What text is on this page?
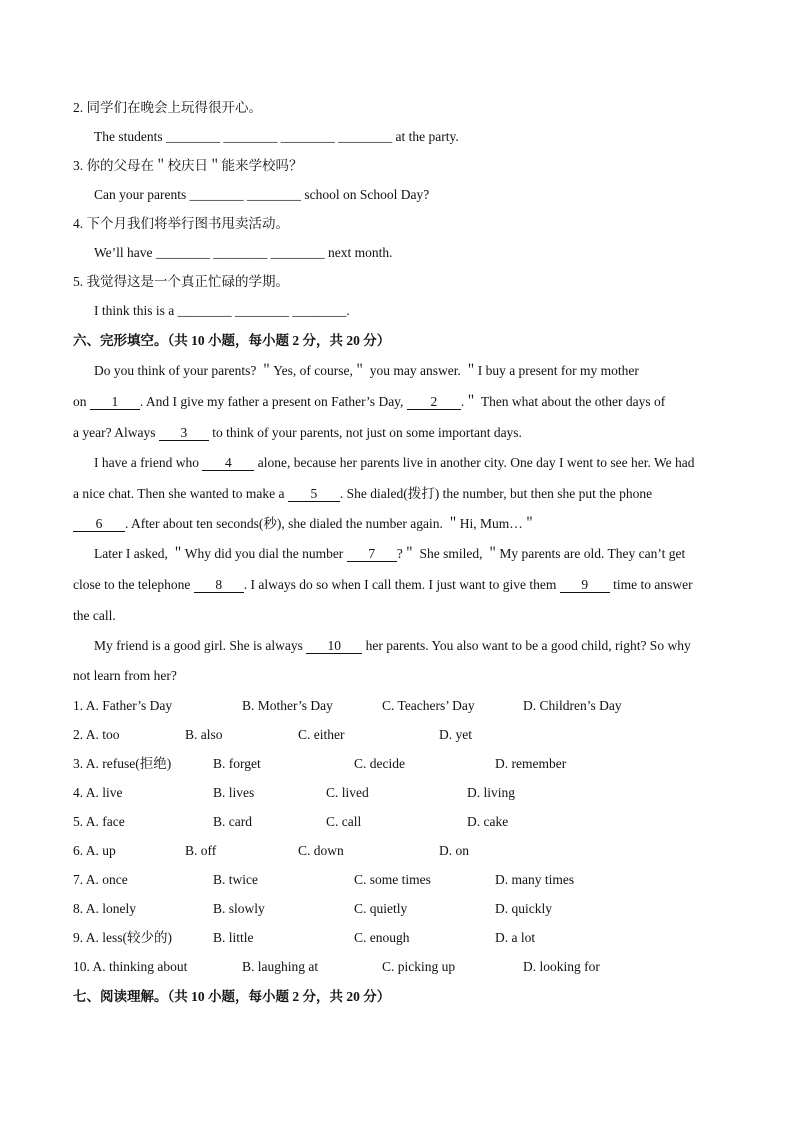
2. 同学们在晚会上玩得很开心。
The students ________ ________ ________ ________ at the party.
3. 你的父母在＂校庆日＂能来学校吗？
Can your parents ________ ________ school on School Day?
4. 下个月我们将举行图书甩卖活动。
We’ll have ________ ________ ________ next month.
5. 我觉得这是一个真正忙碌的学期。
I think this is a ________ ________ ________.
六、完形填空。（共 10 小题，每小题 2 分，共 20 分）
Do you think of your parents? ＂Yes, of course,＂ you may answer. ＂I buy a present for my mother
on 1 . And I give my father a present on Father’s Day, 2 .＂ Then what about the other days of
a year? Always 3 to think of your parents, not just on some important days.
I have a friend who 4 alone, because her parents live in another city. One day I went to see her. We had
a nice chat. Then she wanted to make a 5 . She dialed(拨打) the number, but then she put the phone
6 . After about ten seconds(秒), she dialed the number again. ＂Hi, Mum…＂
Later I asked, ＂Why did you dial the number 7 ?＂ She smiled, ＂My parents are old. They can’t get
close to the telephone 8 . I always do so when I call them. I just want to give them 9 time to answer
the call.
My friend is a good girl. She is always 10 her parents. You also want to be a good child, right? So why
not learn from her?
1. A. Father’s Day	B. Mother’s Day	C. Teachers’ Day	D. Children’s Day
2. A. too	B. also	C. either	D. yet
3. A. refuse(拒绝)	B. forget	C. decide	D. remember
4. A. live	B. lives	C. lived	D. living
5. A. face	B. card	C. call	D. cake
6. A. up	B. off	C. down	D. on
7. A. once	B. twice	C. some times	D. many times
8. A. lonely	B. slowly	C. quietly	D. quickly
9. A. less(较少的)	B. little	C. enough	D. a lot
10. A. thinking about	B. laughing at	C. picking up	D. looking for
七、阅读理解。（共 10 小题，每小题 2 分，共 20 分）
